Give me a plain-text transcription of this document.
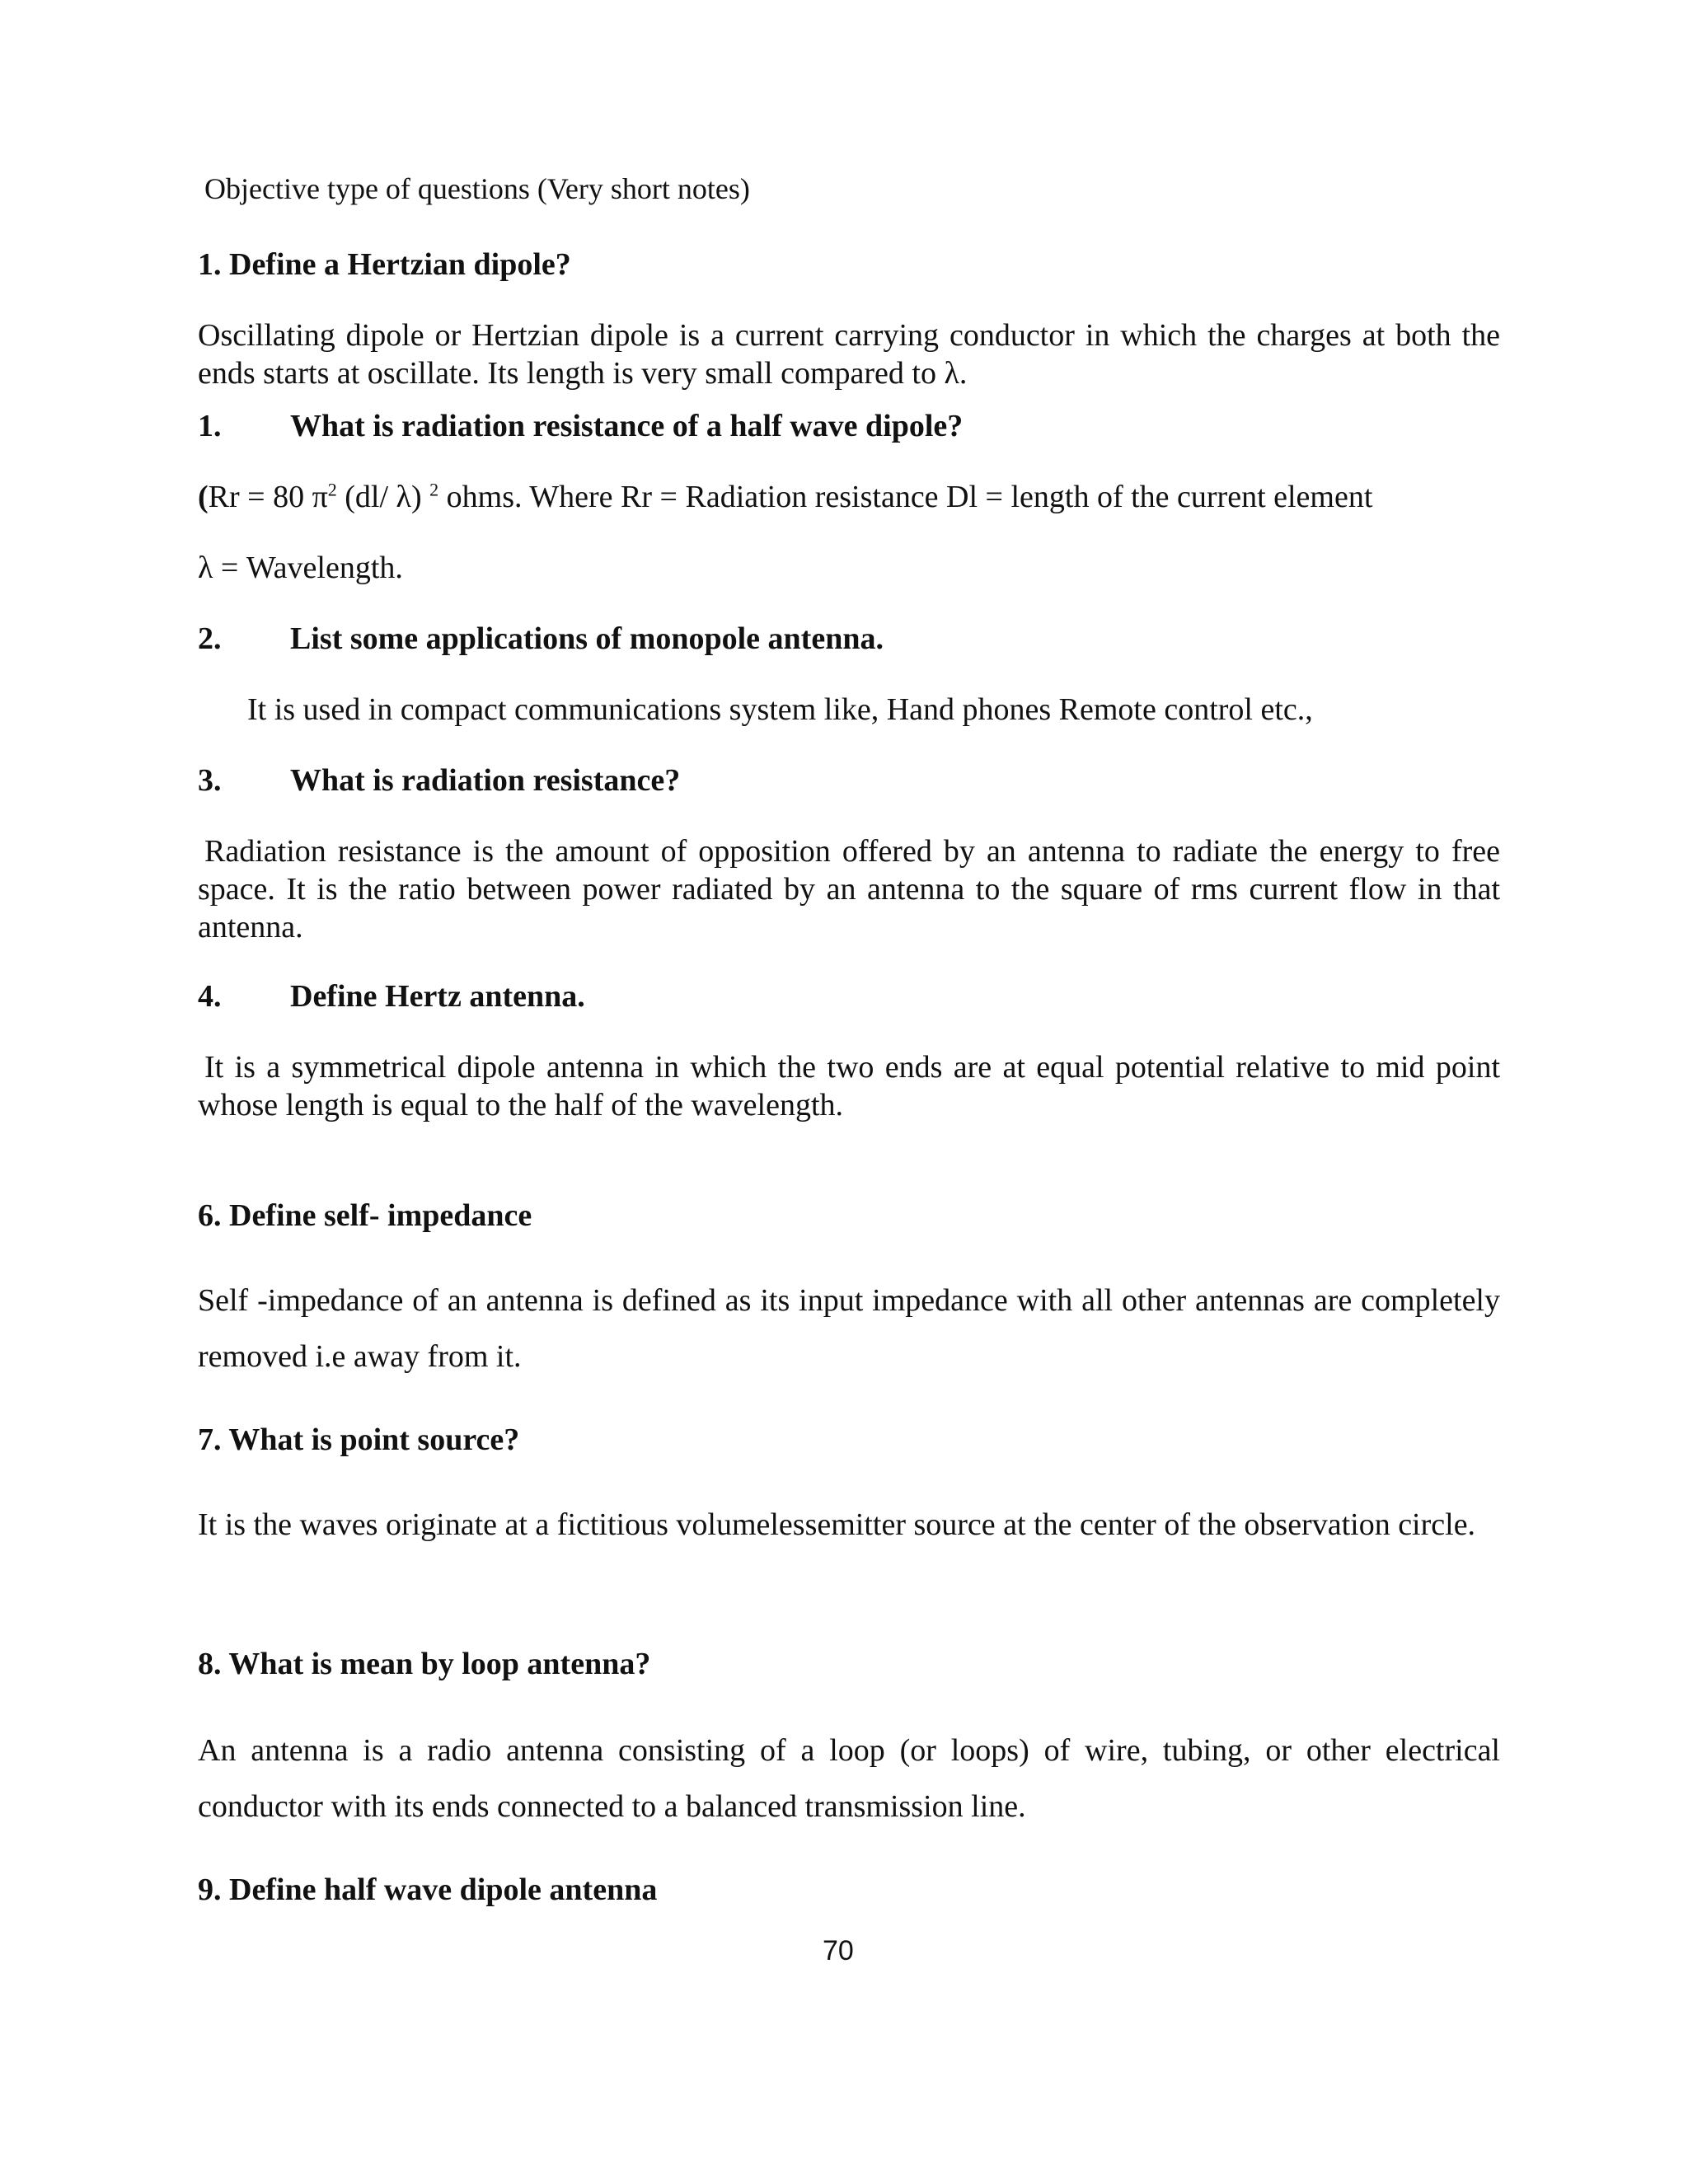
Objective type of questions (Very short notes)

1. Define a Hertzian dipole?

Oscillating dipole or Hertzian dipole is a current carrying conductor in which the charges at both the ends starts at oscillate. Its length is very small compared to λ.

1. What is radiation resistance of a half wave dipole?

(Rr = 80 $\pi^2$ (dl/ λ) $^2$ ohms. Where Rr = Radiation resistance Dl = length of the current element

λ = Wavelength.

2. List some applications of monopole antenna.

It is used in compact communications system like, Hand phones Remote control etc.,

3. What is radiation resistance?

Radiation resistance is the amount of opposition offered by an antenna to radiate the energy to free space. It is the ratio between power radiated by an antenna to the square of rms current flow in that antenna.

4. Define Hertz antenna.

It is a symmetrical dipole antenna in which the two ends are at equal potential relative to mid point whose length is equal to the half of the wavelength.

6. Define self- impedance

Self -impedance of an antenna is defined as its input impedance with all other antennas are completely removed i.e away from it.

7. What is point source?

It is the waves originate at a fictitious volumelessemitter source at the center of the observation circle.

8. What is mean by loop antenna?

An antenna is a radio antenna consisting of a loop (or loops) of wire, tubing, or other electrical conductor with its ends connected to a balanced transmission line.

9. Define half wave dipole antenna

70
